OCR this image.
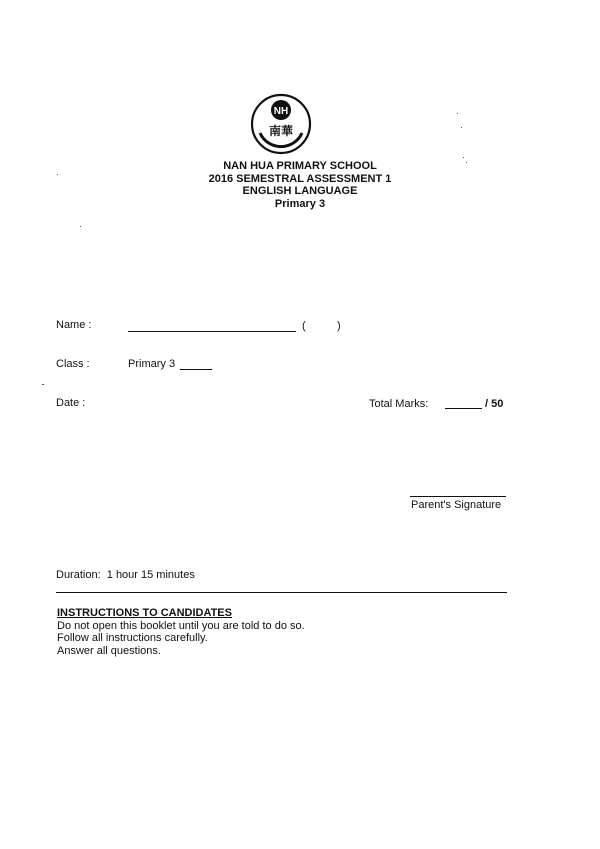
NH
南華
NAN HUA PRIMARY SCHOOL
2016 SEMESTRAL ASSESSMENT 1
ENGLISH LANGUAGE
Primary 3
Name :	(	)
Class :	Primary 3
Date :	Total Marks:	/ 50
Parent's Signature
Duration: 1 hour 15 minutes
INSTRUCTIONS TO CANDIDATES
Do not open this booklet until you are told to do so.
Follow all instructions carefully.
Answer all questions.
